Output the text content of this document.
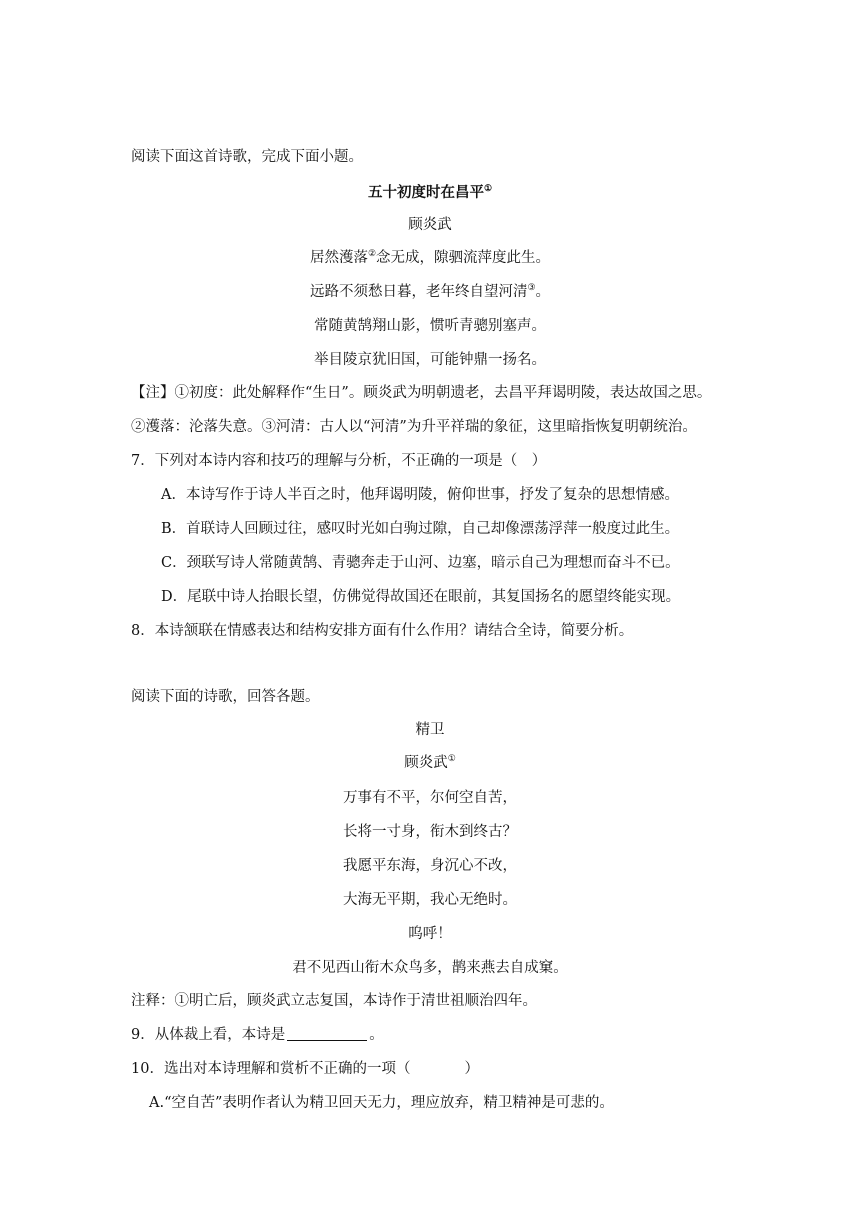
阅读下面这首诗歌，完成下面小题。
五十初度时在昌平①
顾炎武
居然濩落②念无成，隙驷流萍度此生。
远路不须愁日暮，老年终自望河清③。
常随黄鹄翔山影，惯听青骢别塞声。
举目陵京犹旧国，可能钟鼎一扬名。
【注】①初度：此处解释作“生日”。顾炎武为明朝遗老，去昌平拜谒明陵，表达故国之思。
②濩落：沦落失意。③河清：古人以“河清”为升平祥瑞的象征，这里暗指恢复明朝统治。
7．下列对本诗内容和技巧的理解与分析，不正确的一项是（　）
A．本诗写作于诗人半百之时，他拜谒明陵，俯仰世事，抒发了复杂的思想情感。
B．首联诗人回顾过往，感叹时光如白驹过隙，自己却像漂荡浮萍一般度过此生。
C．颈联写诗人常随黄鹄、青骢奔走于山河、边塞，暗示自己为理想而奋斗不已。
D．尾联中诗人抬眼长望，仿佛觉得故国还在眼前，其复国扬名的愿望终能实现。
8．本诗颔联在情感表达和结构安排方面有什么作用？请结合全诗，简要分析。
阅读下面的诗歌，回答各题。
精卫
顾炎武①
万事有不平，尔何空自苦，
长将一寸身，衔木到终古？
我愿平东海，身沉心不改，
大海无平期，我心无绝时。
呜呼！
君不见西山衔木众鸟多，鹊来燕去自成窠。
注释：①明亡后，顾炎武立志复国，本诗作于清世祖顺治四年。
9．从体裁上看，本诗是	。
10．选出对本诗理解和赏析不正确的一项（	）
A.“空自苦”表明作者认为精卫回天无力，理应放弃，精卫精神是可悲的。
